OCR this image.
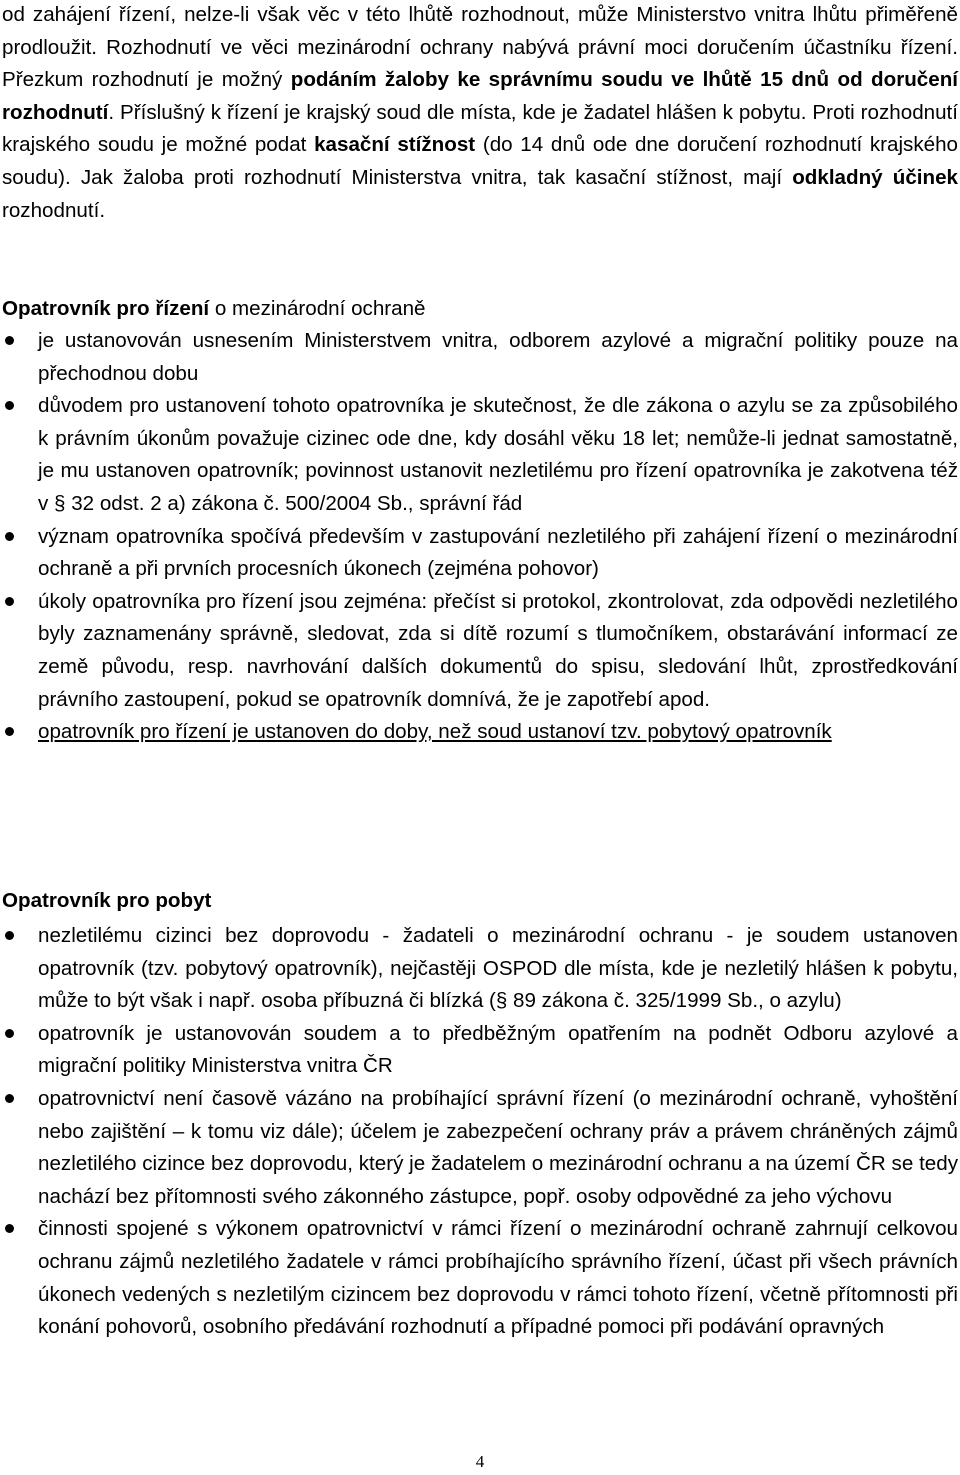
od zahájení řízení, nelze-li však věc v této lhůtě rozhodnout, může Ministerstvo vnitra lhůtu přiměřeně prodloužit. Rozhodnutí ve věci mezinárodní ochrany nabývá právní moci doručením účastníku řízení. Přezkum rozhodnutí je možný podáním žaloby ke správnímu soudu ve lhůtě 15 dnů od doručení rozhodnutí. Příslušný k řízení je krajský soud dle místa, kde je žadatel hlášen k pobytu. Proti rozhodnutí krajského soudu je možné podat kasační stížnost (do 14 dnů ode dne doručení rozhodnutí krajského soudu). Jak žaloba proti rozhodnutí Ministerstva vnitra, tak kasační stížnost, mají odkladný účinek rozhodnutí.

Opatrovník pro řízení o mezinárodní ochraně

je ustanovován usnesením Ministerstvem vnitra, odborem azylové a migrační politiky pouze na přechodnou dobu
důvodem pro ustanovení tohoto opatrovníka je skutečnost, že dle zákona o azylu se za způsobilého k právním úkonům považuje cizinec ode dne, kdy dosáhl věku 18 let; nemůže-li jednat samostatně, je mu ustanoven opatrovník; povinnost ustanovit nezletilému pro řízení opatrovníka je zakotvena též v § 32 odst. 2 a) zákona č. 500/2004 Sb., správní řád
význam opatrovníka spočívá především v zastupování nezletilého při zahájení řízení o mezinárodní ochraně a při prvních procesních úkonech (zejména pohovor)
úkoly opatrovníka pro řízení jsou zejména: přečíst si protokol, zkontrolovat, zda odpovědi nezletilého byly zaznamenány správně, sledovat, zda si dítě rozumí s tlumočníkem, obstarávání informací ze země původu, resp. navrhování dalších dokumentů do spisu, sledování lhůt, zprostředkování právního zastoupení, pokud se opatrovník domnívá, že je zapotřebí apod.
opatrovník pro řízení je ustanoven do doby, než soud ustanoví tzv. pobytový opatrovník

Opatrovník pro pobyt

nezletilému cizinci bez doprovodu - žadateli o mezinárodní ochranu - je soudem ustanoven opatrovník (tzv. pobytový opatrovník), nejčastěji OSPOD dle místa, kde je nezletilý hlášen k pobytu, může to být však i např. osoba příbuzná či blízká (§ 89 zákona č. 325/1999 Sb., o azylu)
opatrovník je ustanovován soudem a to předběžným opatřením na podnět Odboru azylové a migrační politiky Ministerstva vnitra ČR
opatrovnictví není časově vázáno na probíhající správní řízení (o mezinárodní ochraně, vyhoštění nebo zajištění – k tomu viz dále); účelem je zabezpečení ochrany práv a právem chráněných zájmů nezletilého cizince bez doprovodu, který je žadatelem o mezinárodní ochranu a na území ČR se tedy nachází bez přítomnosti svého zákonného zástupce, popř. osoby odpovědné za jeho výchovu
činnosti spojené s výkonem opatrovnictví v rámci řízení o mezinárodní ochraně zahrnují celkovou ochranu zájmů nezletilého žadatele v rámci probíhajícího správního řízení, účast při všech právních úkonech vedených s nezletilým cizincem bez doprovodu v rámci tohoto řízení, včetně přítomnosti při konání pohovorů, osobního předávání rozhodnutí a případné pomoci při podávání opravných
4
